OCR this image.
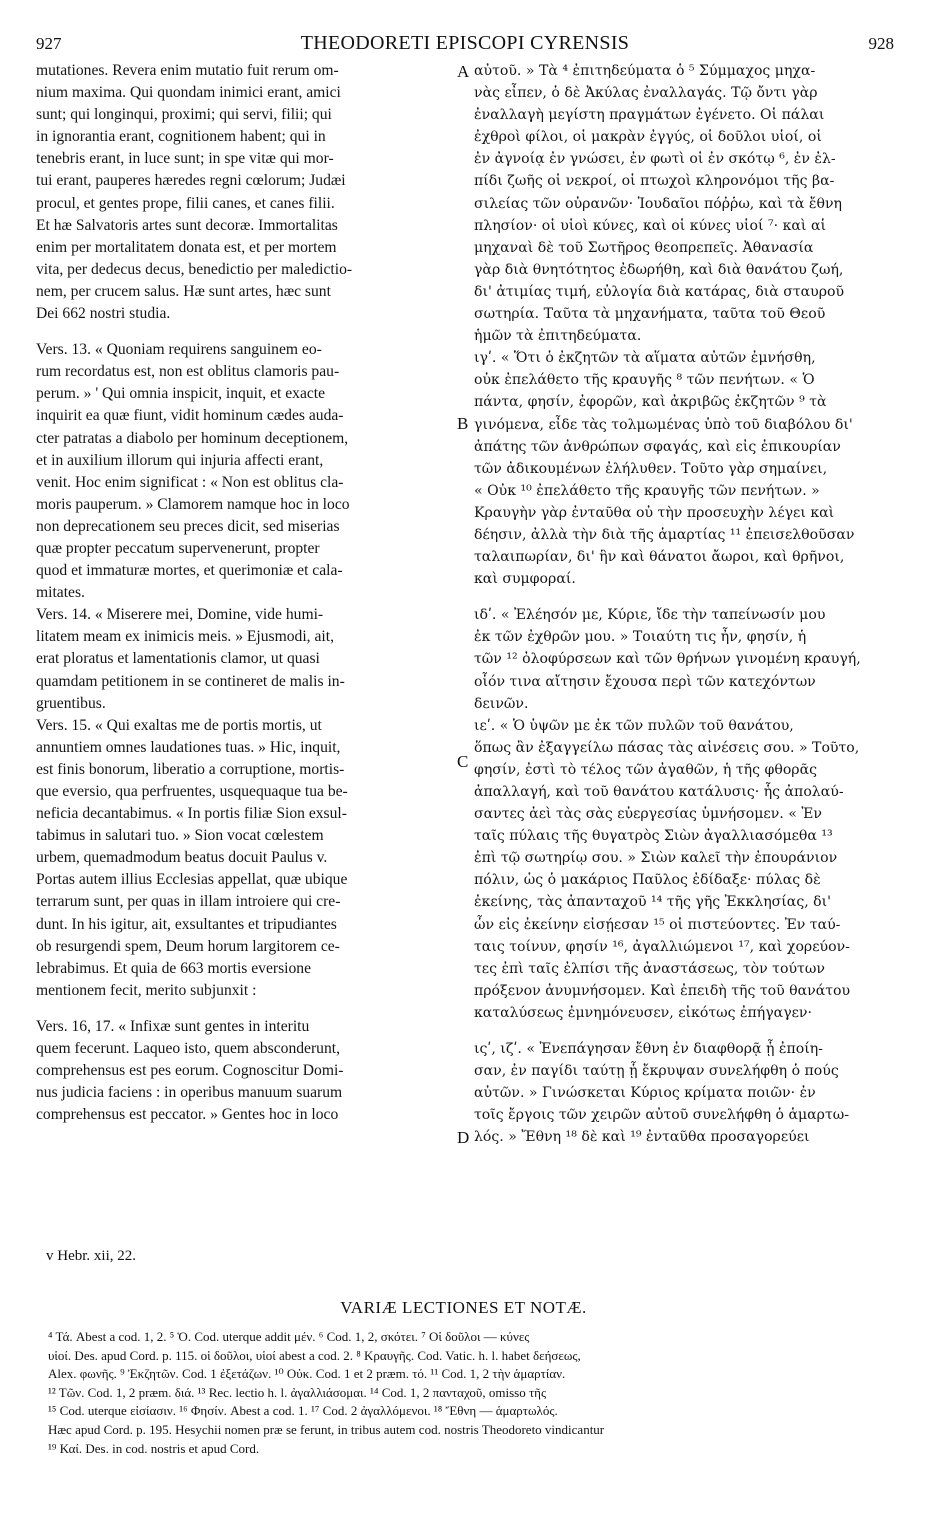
927	THEODORETI EPISCOPI CYRENSIS	928
mutationes. Revera enim mutatio fuit rerum om-
nium maxima. Qui quondam inimici erant, amici
sunt; qui longinqui, proximi; qui servi, filii; qui
in ignorantia erant, cognitionem habent; qui in
tenebris erant, in luce sunt; in spe vitæ qui mor-
tui erant, pauperes hæredes regni cœlorum; Judæi
procul, et gentes prope, filii canes, et canes filii.
Et hæ Salvatoris artes sunt decoræ. Immortalitas
enim per mortalitatem donata est, et per mortem
vita, per dedecus decus, benedictio per maledictio-
nem, per crucem salus. Hæ sunt artes, hæc sunt
Dei 662 nostri studia.
Vers. 13. « Quoniam requirens sanguinem eo-
rum recordatus est, non est oblitus clamoris pau-
perum. » ' Qui omnia inspicit, inquit, et exacte
inquirit ea quæ fiunt, vidit hominum cædes auda-
cter patratas a diabolo per hominum deceptionem,
et in auxilium illorum qui injuria affecti erant,
venit. Hoc enim significat : « Non est oblitus cla-
moris pauperum. » Clamorem namque hoc in loco
non deprecationem seu preces dicit, sed miserias
quæ propter peccatum supervenerunt, propter
quod et immaturæ mortes, et querimoniæ et cala-
mitates.
Vers. 14. « Miserere mei, Domine, vide humi-
litatem meam ex inimicis meis. » Ejusmodi, ait,
erat ploratus et lamentationis clamor, ut quasi
quamdam petitionem in se contineret de malis in-
gruentibus.
Vers. 15. « Qui exaltas me de portis mortis, ut
annuntiem omnes laudationes tuas. » Hic, inquit,
est finis bonorum, liberatio a corruptione, mortis-
que eversio, qua perfruentes, usquequaque tua be-
neficia decantabimus. « In portis filiæ Sion exsul-
tabimus in salutari tuo. » Sion vocat cœlestem
urbem, quemadmodum beatus docuit Paulus v.
Portas autem illius Ecclesias appellat, quæ ubique
terrarum sunt, per quas in illam introiere qui cre-
dunt. In his igitur, ait, exsultantes et tripudiantes
ob resurgendi spem, Deum horum largitorem ce-
lebrabimus. Et quia de 663 mortis eversione
mentionem fecit, merito subjunxit :
Vers. 16, 17. « Infixæ sunt gentes in interitu
quem fecerunt. Laqueo isto, quem absconderunt,
comprehensus est pes eorum. Cognoscitur Domi-
nus judicia faciens : in operibus manuum suarum
comprehensus est peccator. » Gentes hoc in loco
αὐτοῦ. » Τὰ ⁴ ἐπιτηδεύματα ὁ ⁵ Σύμμαχος μηχα-
νὰς εἶπεν, ὁ δὲ Ἀκύλας ἐναλλαγάς. Τῷ ὄντι γὰρ
ἐναλλαγὴ μεγίστη πραγμάτων ἐγένετο. Οἱ πάλαι
ἐχθροὶ φίλοι, οἱ μακρὰν ἐγγύς, οἱ δοῦλοι υἱοί, οἱ
ἐν ἀγνοίᾳ ἐν γνώσει, ἐν φωτὶ οἱ ἐν σκότῳ ⁶, ἐν ἐλ-
πίδι ζωῆς οἱ νεκροί, οἱ πτωχοὶ κληρονόμοι τῆς βα-
σιλείας τῶν οὐρανῶν· Ἰουδαῖοι πόῤῥω, καὶ τὰ ἔθνη
πλησίον· οἱ υἱοὶ κύνες, καὶ οἱ κύνες υἱοί ⁷· καὶ αἱ
μηχαναὶ δὲ τοῦ Σωτῆρος θεοπρεπεῖς. Ἀθανασία
γὰρ διὰ θνητότητος ἐδωρήθη, καὶ διὰ θανάτου ζωή,
δι' ἀτιμίας τιμή, εὐλογία διὰ κατάρας, διὰ σταυροῦ
σωτηρία. Ταῦτα τὰ μηχανήματα, ταῦτα τοῦ Θεοῦ
ἡμῶν τὰ ἐπιτηδεύματα.
ιγʹ. « Ὅτι ὁ ἐκζητῶν τὰ αἵματα αὐτῶν ἐμνήσθη,
οὐκ ἐπελάθετο τῆς κραυγῆς ⁸ τῶν πενήτων. « Ὁ
πάντα, φησίν, ἐφορῶν, καὶ ἀκριβῶς ἐκζητῶν ⁹ τὰ
γινόμενα, εἶδε τὰς τολμωμένας ὑπὸ τοῦ διαβόλου δι'
ἀπάτης τῶν ἀνθρώπων σφαγάς, καὶ εἰς ἐπικουρίαν
τῶν ἀδικουμένων ἐλήλυθεν. Τοῦτο γὰρ σημαίνει,
« Οὐκ ¹⁰ ἐπελάθετο τῆς κραυγῆς τῶν πενήτων. »
Κραυγὴν γὰρ ἐνταῦθα οὐ τὴν προσευχὴν λέγει καὶ
δέησιν, ἀλλὰ τὴν διὰ τῆς ἁμαρτίας ¹¹ ἐπεισελθοῦσαν
ταλαιπωρίαν, δι' ἣν καὶ θάνατοι ἄωροι, καὶ θρῆνοι,
καὶ συμφοραί.
ιδʹ. « Ἐλέησόν με, Κύριε, ἴδε τὴν ταπείνωσίν μου
ἐκ τῶν ἐχθρῶν μου. » Τοιαύτη τις ἦν, φησίν, ἡ
τῶν ¹² ὀλοφύρσεων καὶ τῶν θρήνων γινομένη κραυγή,
οἷόν τινα αἴτησιν ἔχουσα περὶ τῶν κατεχόντων
δεινῶν.
ιεʹ. « Ὁ ὑψῶν με ἐκ τῶν πυλῶν τοῦ θανάτου,
ὅπως ἂν ἐξαγγείλω πάσας τὰς αἰνέσεις σου. » Τοῦτο,
φησίν, ἐστὶ τὸ τέλος τῶν ἀγαθῶν, ἡ τῆς φθορᾶς
ἀπαλλαγή, καὶ τοῦ θανάτου κατάλυσις· ἧς ἀπολαύ-
σαντες ἀεὶ τὰς σὰς εὐεργεσίας ὑμνήσομεν. « Ἐν
ταῖς πύλαις τῆς θυγατρὸς Σιὼν ἀγαλλιασόμεθα ¹³
ἐπὶ τῷ σωτηρίῳ σου. » Σιὼν καλεῖ τὴν ἐπουράνιον
πόλιν, ὡς ὁ μακάριος Παῦλος ἐδίδαξε· πύλας δὲ
ἐκείνης, τὰς ἁπανταχοῦ ¹⁴ τῆς γῆς Ἐκκλησίας, δι'
ὧν εἰς ἐκείνην εἰσῄεσαν ¹⁵ οἱ πιστεύοντες. Ἐν ταύ-
ταις τοίνυν, φησίν ¹⁶, ἀγαλλιώμενοι ¹⁷, καὶ χορεύον-
τες ἐπὶ ταῖς ἐλπίσι τῆς ἀναστάσεως, τὸν τούτων
πρόξενον ἀνυμνήσομεν. Καὶ ἐπειδὴ τῆς τοῦ θανάτου
καταλύσεως ἐμνημόνευσεν, εἰκότως ἐπήγαγεν·
ιςʹ, ιζʹ. « Ἐνεπάγησαν ἔθνη ἐν διαφθορᾷ ᾗ ἐποίη-
σαν, ἐν παγίδι ταύτῃ ᾗ ἔκρυψαν συνελήφθη ὁ πούς
αὐτῶν. » Γινώσκεται Κύριος κρίματα ποιῶν· ἐν
τοῖς ἔργοις τῶν χειρῶν αὐτοῦ συνελήφθη ὁ ἁμαρτω-
λός. » Ἔθνη ¹⁸ δὲ καὶ ¹⁹ ἐνταῦθα προσαγορεύει
A
B
C
D
v Hebr. xii, 22.
VARIÆ LECTIONES ET NOTÆ.
⁴ Τά. Abest a cod. 1, 2. ⁵ Ὁ. Cod. uterque addit μέν. ⁶ Cod. 1, 2, σκότει. ⁷ Οἱ δοῦλοι — κύνες
υἱοί. Des. apud Cord. p. 115. οἱ δοῦλοι, υἱοί abest a cod. 2. ⁸ Κραυγῆς. Cod. Vatic. h. l. habet δεήσεως,
Alex. φωνῆς. ⁹ Ἐκζητῶν. Cod. 1 ἐξετάζων. ¹⁰ Οὐκ. Cod. 1 et 2 præm. τό. ¹¹ Cod. 1, 2 τὴν ἁμαρτίαν.
¹² Τῶν. Cod. 1, 2 præm. διά. ¹³ Rec. lectio h. l. ἀγαλλιάσομαι. ¹⁴ Cod. 1, 2 πανταχοῦ, omisso τῆς
¹⁵ Cod. uterque εἰσίασιν. ¹⁶ Φησίν. Abest a cod. 1. ¹⁷ Cod. 2 ἀγαλλόμενοι. ¹⁸ Ἔθνη — ἁμαρτωλός.
Hæc apud Cord. p. 195. Hesychii nomen præ se ferunt, in tribus autem cod. nostris Theodoreto vindicantur
¹⁹ Καί. Des. in cod. nostris et apud Cord.
